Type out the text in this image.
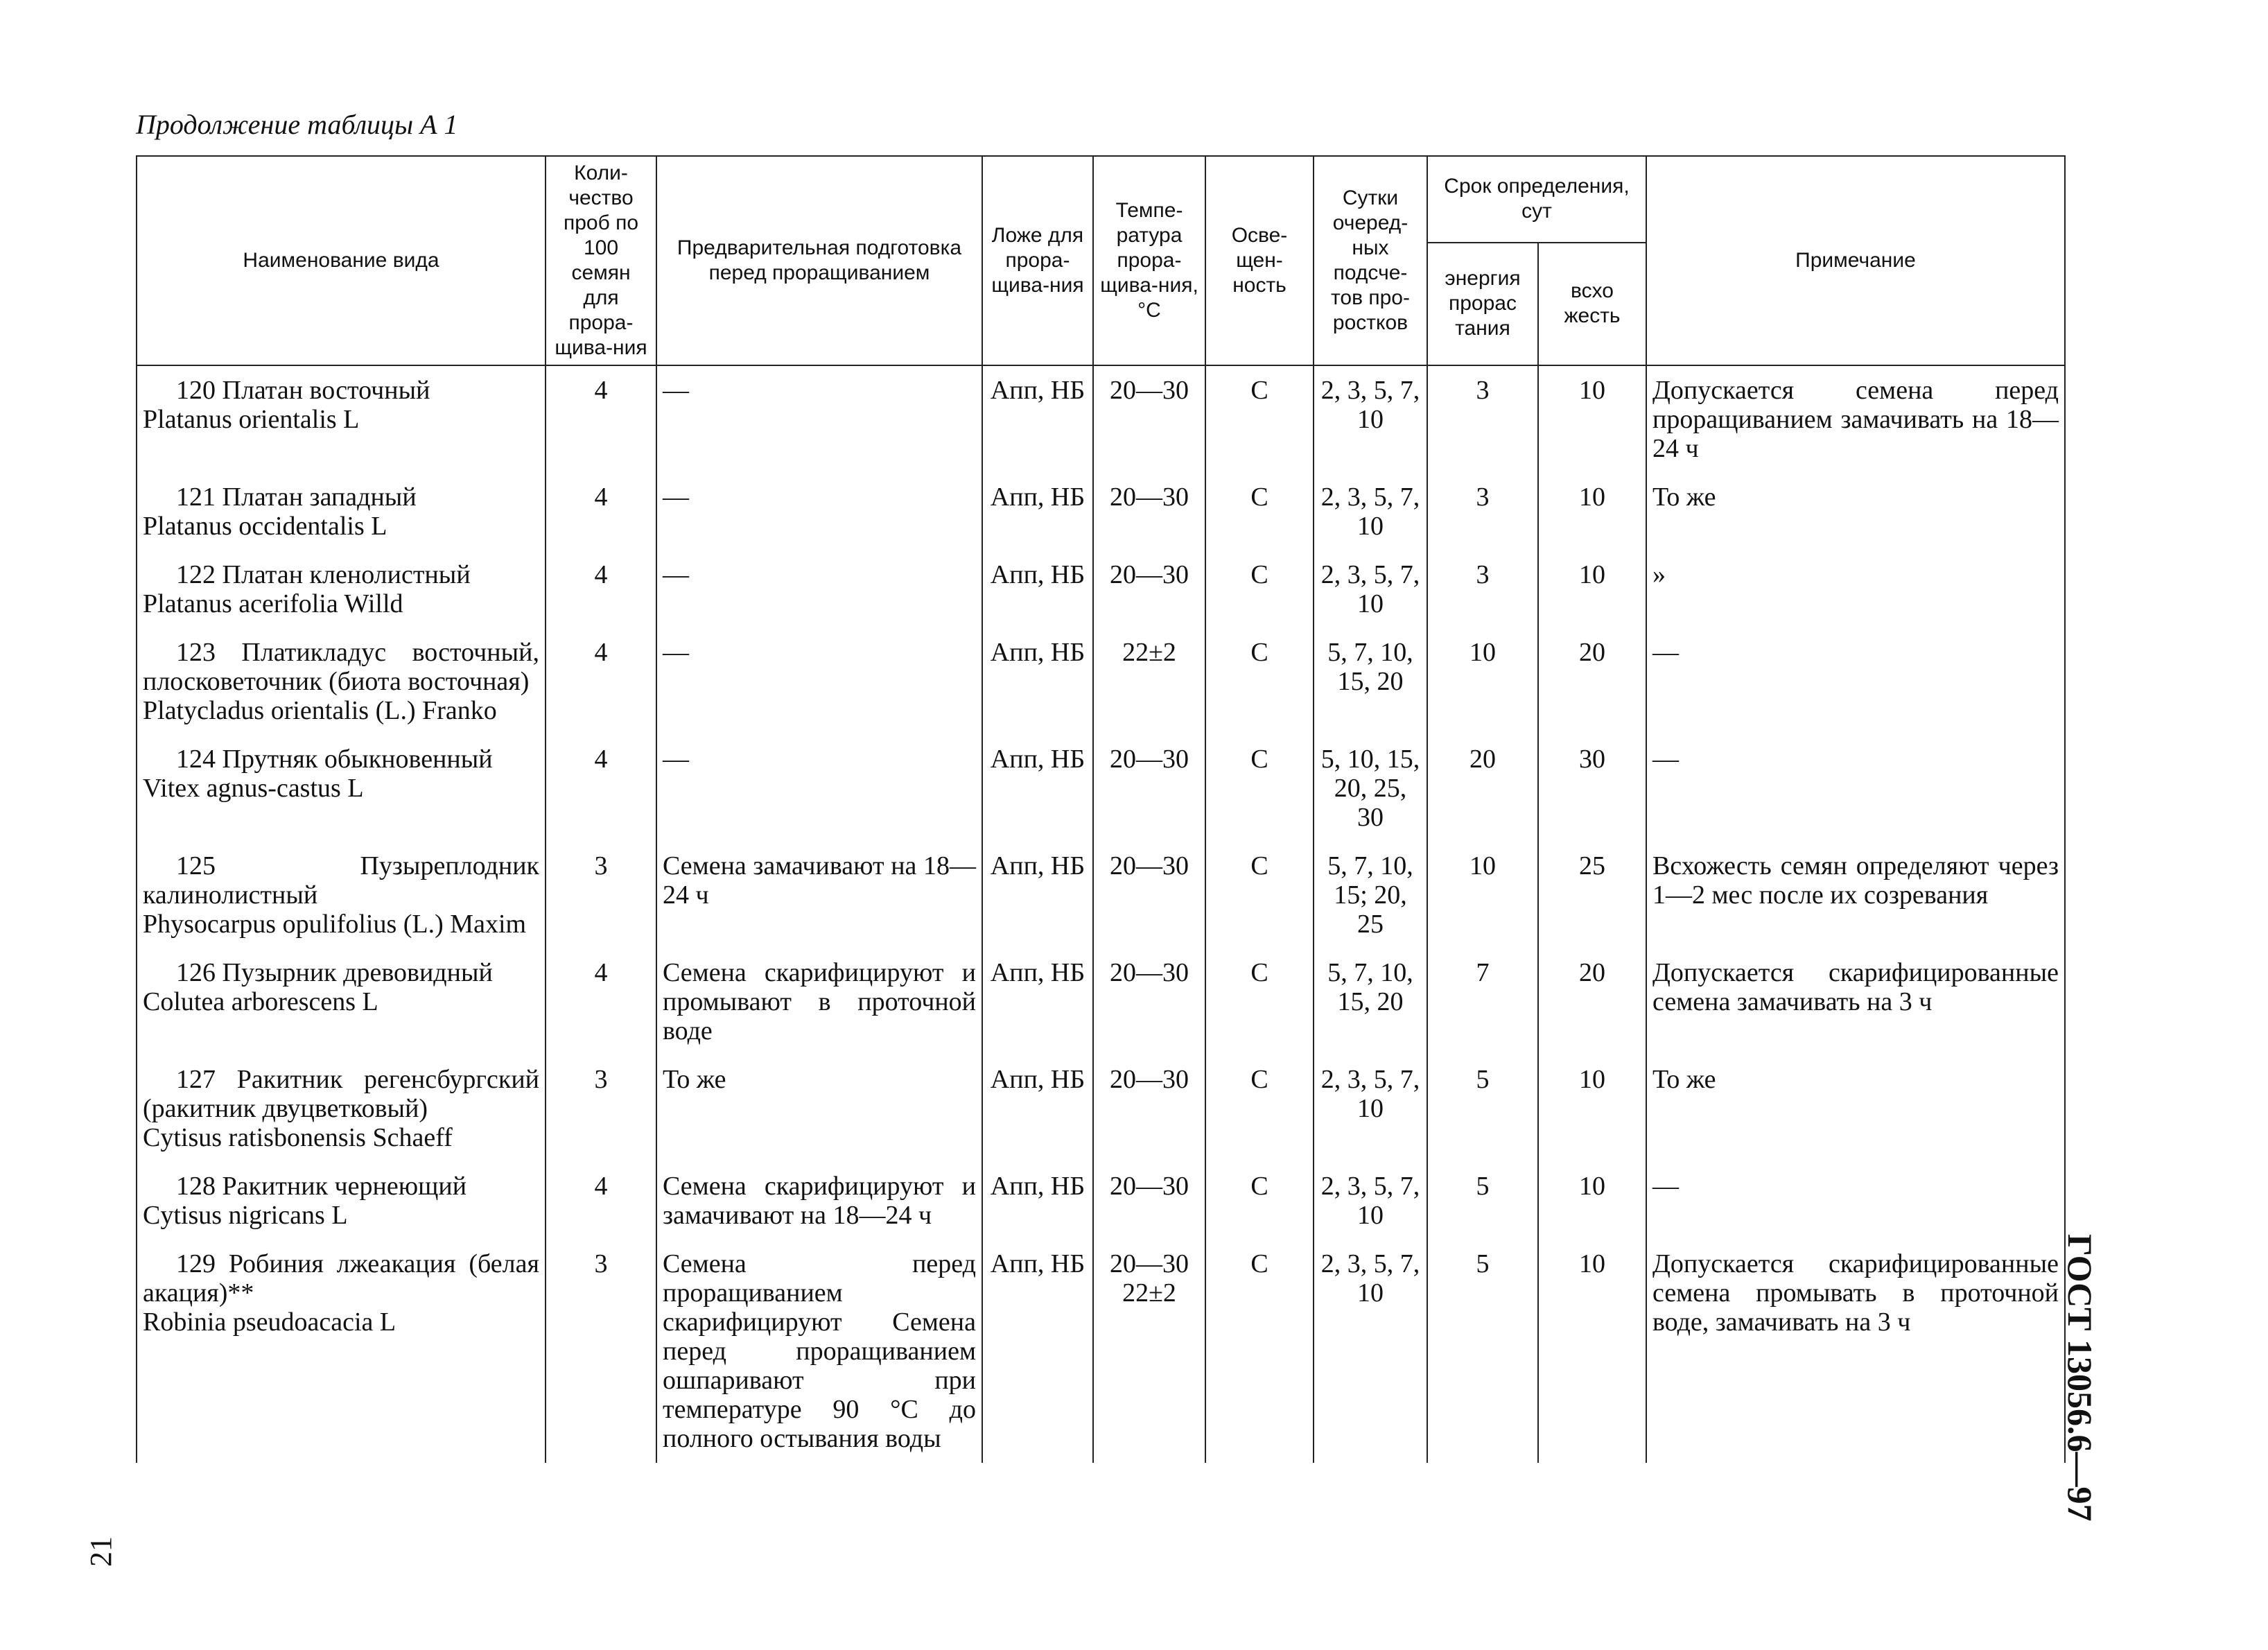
Продолжение таблицы А 1
Наименование вида	Коли-чество проб по 100 семян для прора-щива-ния	Предварительная подготовка перед проращиванием	Ложе для прора-щива-ния	Темпе-ратура прора-щива-ния, °С	Осве-щен-ность	Сутки очеред-ных подсче-тов про-ростков	Срок определения, сут		Примечание
							энергия прорас тания	всхо жесть	

120 Платан восточный
Platanus orientalis L	4	—	Апп, НБ	20—30	С	2, 3, 5, 7, 10	3	10	Допускается семена перед проращиванием замачивать на 18—24 ч

121 Платан западный
Platanus occidentalis L	4	—	Апп, НБ	20—30	С	2, 3, 5, 7, 10	3	10	То же

122 Платан кленолистный
Platanus acerifolia Willd	4	—	Апп, НБ	20—30	С	2, 3, 5, 7, 10	3	10	»

123 Платикладус восточный, плосковеточник (биота восточная)
Platycladus orientalis (L.) Franko	4	—	Апп, НБ	22±2	С	5, 7, 10, 15, 20	10	20	—

124 Прутняк обыкновенный
Vitex agnus-castus L	4	—	Апп, НБ	20—30	С	5, 10, 15, 20, 25, 30	20	30	—

125 Пузыреплодник калинолистный
Physocarpus opulifolius (L.) Maxim	3	Семена замачивают на 18—24 ч	Апп, НБ	20—30	С	5, 7, 10, 15; 20, 25	10	25	Всхожесть семян определяют через 1—2 мес после их созревания

126 Пузырник древовидный
Colutea arborescens L	4	Семена скарифицируют и промывают в проточной воде	Апп, НБ	20—30	С	5, 7, 10, 15, 20	7	20	Допускается скарифицированные семена замачивать на 3 ч

127 Ракитник регенсбургский (ракитник двуцветковый)
Cytisus ratisbonensis Schaeff	3	То же	Апп, НБ	20—30	С	2, 3, 5, 7, 10	5	10	То же

128 Ракитник чернеющий
Cytisus nigricans L	4	Семена скарифицируют и замачивают на 18—24 ч	Апп, НБ	20—30	С	2, 3, 5, 7, 10	5	10	—

129 Робиния лжеакация (белая акация)**
Robinia pseudoacacia L	3	Семена перед проращиванием скарифицируют Семена перед проращиванием ошпаривают при температуре 90 °С до полного остывания воды	Апп, НБ	20—30 22±2	С	2, 3, 5, 7, 10	5	10	Допускается скарифицированные семена промывать в проточной воде, замачивать на 3 ч	ГОСТ 13056.6—97
21
